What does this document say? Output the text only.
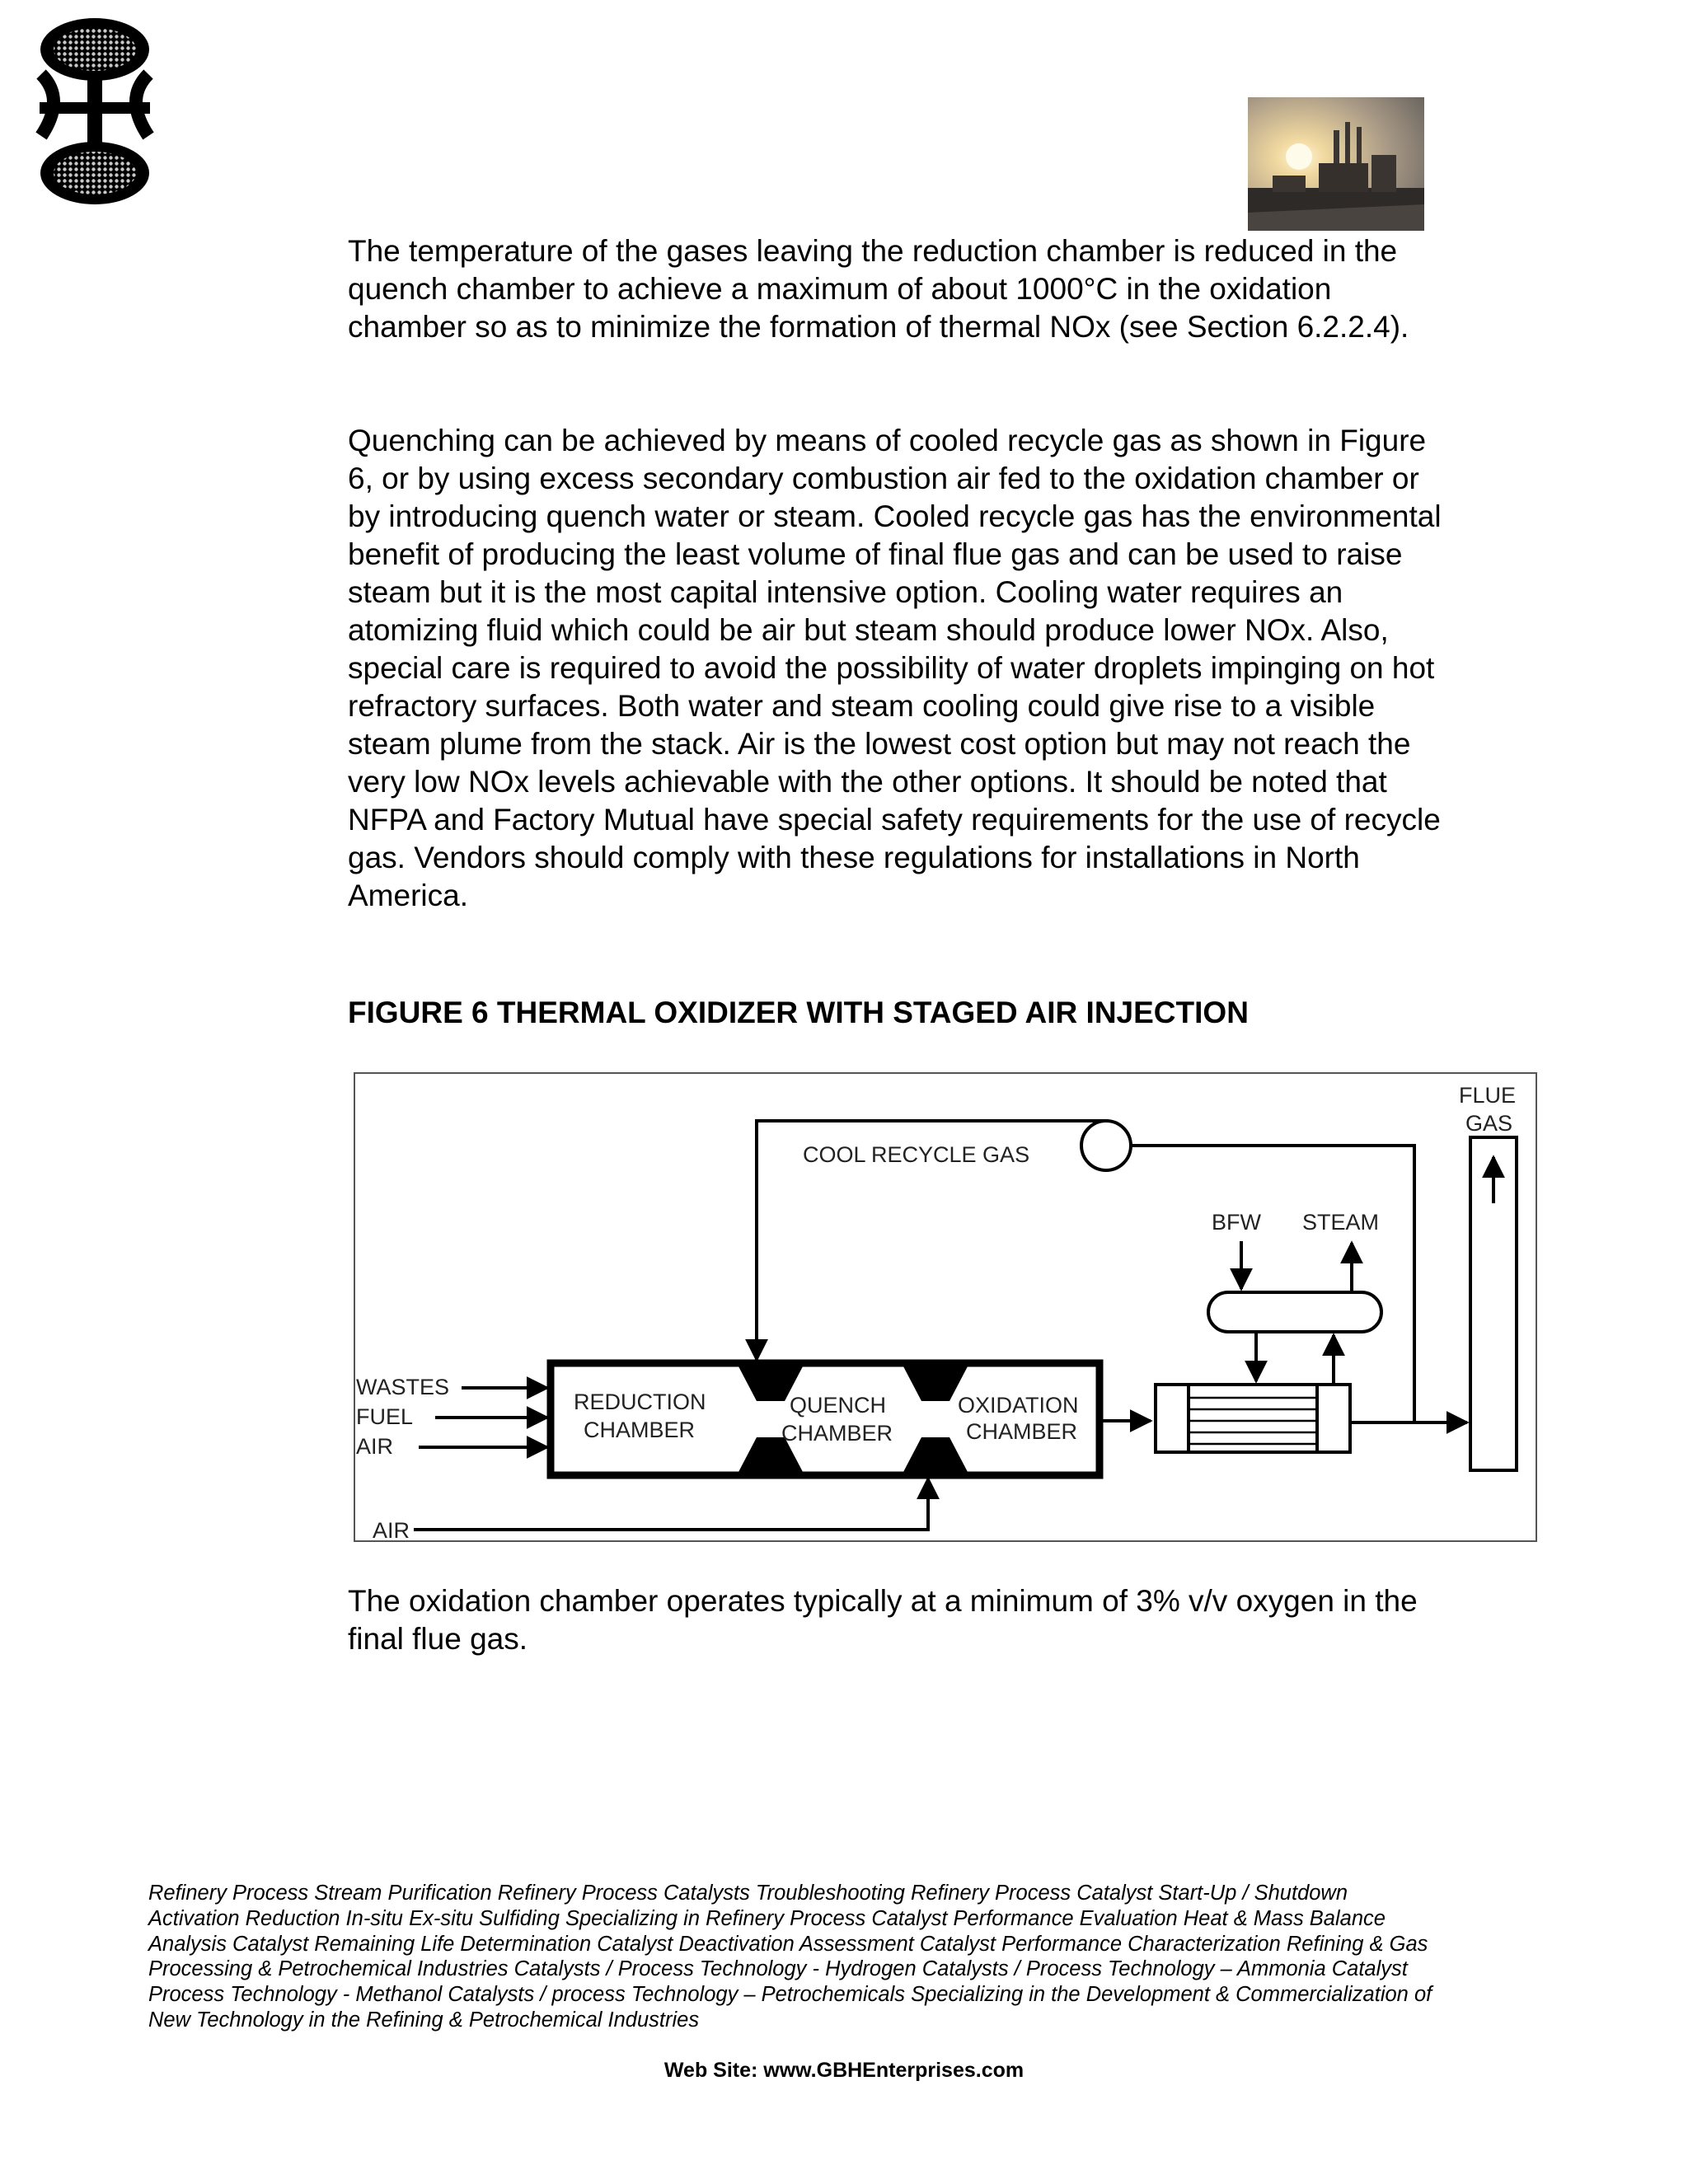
The temperature of the gases leaving the reduction chamber is reduced in the quench chamber to achieve a maximum of about 1000°C in the oxidation chamber so as to minimize the formation of thermal NOx (see Section 6.2.2.4).

Quenching can be achieved by means of cooled recycle gas as shown in Figure 6, or by using excess secondary combustion air fed to the oxidation chamber or by introducing quench water or steam. Cooled recycle gas has the environmental benefit of producing the least volume of final flue gas and can be used to raise steam but it is the most capital intensive option. Cooling water requires an atomizing fluid which could be air but steam should produce lower NOx. Also, special care is required to avoid the possibility of water droplets impinging on hot refractory surfaces. Both water and steam cooling could give rise to a visible steam plume from the stack. Air is the lowest cost option but may not reach the very low NOx levels achievable with the other options. It should be noted that NFPA and Factory Mutual have special safety requirements for the use of recycle gas. Vendors should comply with these regulations for installations in North America.

FIGURE 6 THERMAL OXIDIZER WITH STAGED AIR INJECTION

REDUCTION
CHAMBER
QUENCH
CHAMBER
OXIDATION
CHAMBER
WASTES
FUEL
AIR
AIR
COOL RECYCLE GAS
BFW STEAM
FLUE
GAS

The oxidation chamber operates typically at a minimum of 3% v/v oxygen in the final flue gas.

Refinery Process Stream Purification Refinery Process Catalysts Troubleshooting Refinery Process Catalyst Start-Up / Shutdown Activation Reduction In-situ Ex-situ Sulfiding Specializing in Refinery Process Catalyst Performance Evaluation Heat & Mass Balance Analysis Catalyst Remaining Life Determination Catalyst Deactivation Assessment Catalyst Performance Characterization Refining & Gas Processing & Petrochemical Industries Catalysts / Process Technology - Hydrogen Catalysts / Process Technology – Ammonia Catalyst Process Technology - Methanol Catalysts / process Technology – Petrochemicals Specializing in the Development & Commercialization of New Technology in the Refining & Petrochemical Industries

Web Site: www.GBHEnterprises.com
